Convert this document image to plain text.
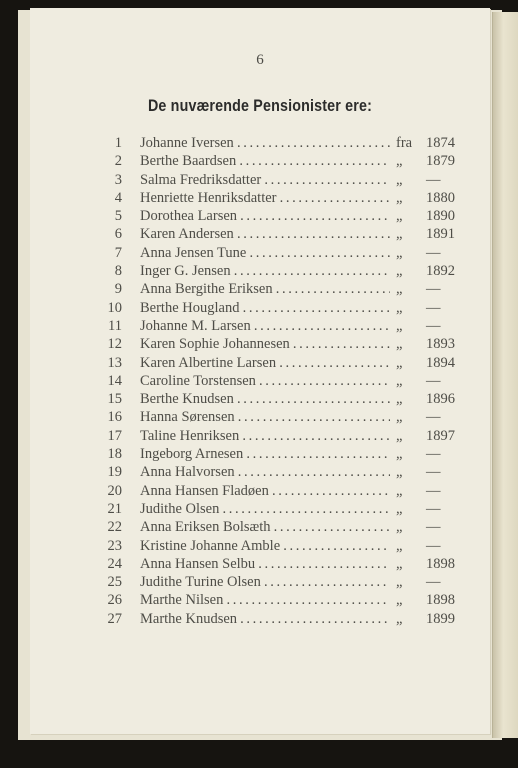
6
De nuværende Pensionister ere:
1 Johanne Iversen . . .	fra 1874
2 Berthe Baardsen . . .	„ 1879
3 Salma Fredriksdatter . . .	„ —
4 Henriette Henriksdatter . . .	„ 1880
5 Dorothea Larsen . . .	„ 1890
6 Karen Andersen . . .	„ 1891
7 Anna Jensen Tune . . .	„ —
8 Inger G. Jensen . . .	„ 1892
9 Anna Bergithe Eriksen . . .	„ —
10 Berthe Hougland . . .	„ —
11 Johanne M. Larsen . . .	„ —
12 Karen Sophie Johannesen . . .	„ 1893
13 Karen Albertine Larsen . . .	„ 1894
14 Caroline Torstensen . . .	„ —
15 Berthe Knudsen . . .	„ 1896
16 Hanna Sørensen . . .	„ —
17 Taline Henriksen . . .	„ 1897
18 Ingeborg Arnesen . . .	„ —
19 Anna Halvorsen . . .	„ —
20 Anna Hansen Fladøen . . .	„ —
21 Judithe Olsen . . .	„ —
22 Anna Eriksen Bolsæth . . .	„ —
23 Kristine Johanne Amble . . .	„ —
24 Anna Hansen Selbu . . .	„ 1898
25 Judithe Turine Olsen . . .	„ —
26 Marthe Nilsen . . .	„ 1898
27 Marthe Knudsen . . .	„ 1899
